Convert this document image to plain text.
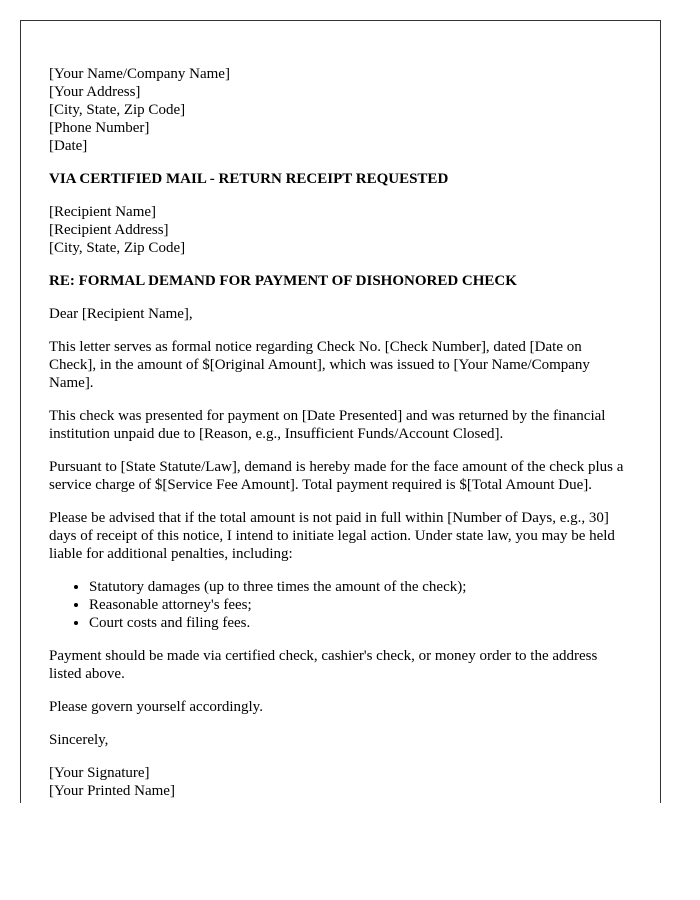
[Your Name/Company Name]
[Your Address]
[City, State, Zip Code]
[Phone Number]
[Date]

VIA CERTIFIED MAIL - RETURN RECEIPT REQUESTED

[Recipient Name]
[Recipient Address]
[City, State, Zip Code]

RE: FORMAL DEMAND FOR PAYMENT OF DISHONORED CHECK

Dear [Recipient Name],

This letter serves as formal notice regarding Check No. [Check Number], dated [Date on Check], in the amount of $[Original Amount], which was issued to [Your Name/Company Name].

This check was presented for payment on [Date Presented] and was returned by the financial institution unpaid due to [Reason, e.g., Insufficient Funds/Account Closed].

Pursuant to [State Statute/Law], demand is hereby made for the face amount of the check plus a service charge of $[Service Fee Amount]. Total payment required is $[Total Amount Due].

Please be advised that if the total amount is not paid in full within [Number of Days, e.g., 30] days of receipt of this notice, I intend to initiate legal action. Under state law, you may be held liable for additional penalties, including:

• Statutory damages (up to three times the amount of the check);
• Reasonable attorney's fees;
• Court costs and filing fees.

Payment should be made via certified check, cashier's check, or money order to the address listed above.

Please govern yourself accordingly.

Sincerely,

[Your Signature]
[Your Printed Name]
